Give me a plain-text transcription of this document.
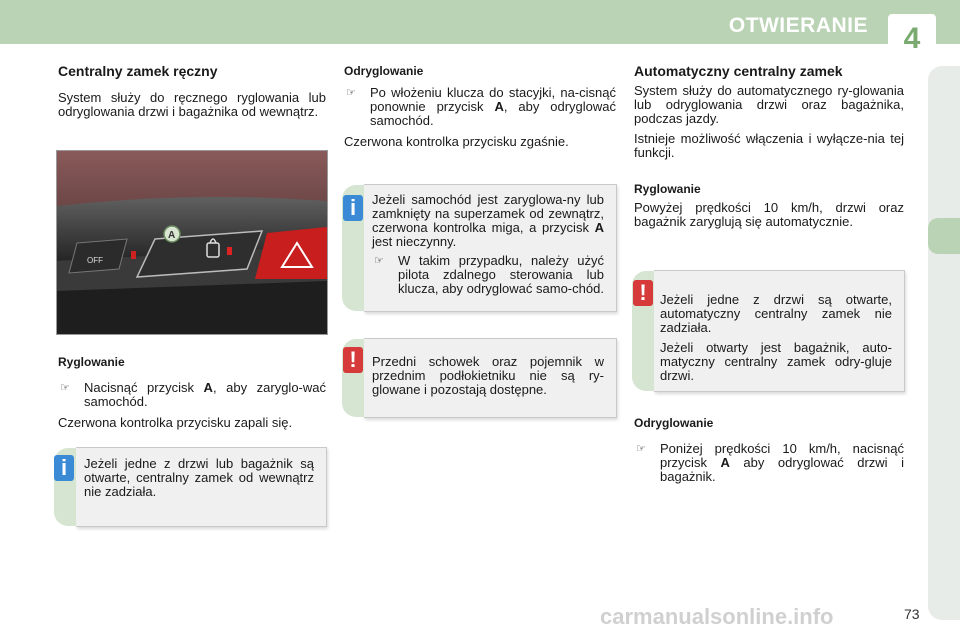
OTWIERANIE	4
Centralny zamek ręczny

System służy do ręcznego ryglowania lub odryglowania drzwi i bagażnika od wewnątrz.

OFF
A
Ryglowanie
☞ Nacisnąć przycisk A, aby zaryglo-wać samochód.

Czerwona kontrolka przycisku zapali się.

Jeżeli jedne z drzwi lub bagażnik są otwarte, centralny zamek od wewnątrz nie zadziała.

i
Odryglowanie
☞ Po włożeniu klucza do stacyjki, na-cisnąć ponownie przycisk A, aby odryglować samochód.

Czerwona kontrolka przycisku zgaśnie.

Jeżeli samochód jest zaryglowa-ny lub zamknięty na superzamek od zewnątrz, czerwona kontrolka miga, a przycisk A jest nieczynny.

☞ W takim przypadku, należy użyć pilota zdalnego sterowania lub klucza, aby odryglować samo-chód.
i

Przedni schowek oraz pojemnik w przednim podłokietniku nie są ry-glowane i pozostają dostępne.

!
Automatyczny centralny zamek

System służy do automatycznego ry-glowania lub odryglowania drzwi oraz bagażnika, podczas jazdy.

Istnieje możliwość włączenia i wyłącze-nia tej funkcji.

Ryglowanie

Powyżej prędkości 10 km/h, drzwi oraz bagażnik zaryglują się automatycznie.

Jeżeli jedne z drzwi są otwarte, automatyczny centralny zamek nie zadziała.

Jeżeli otwarty jest bagażnik, auto-matyczny centralny zamek odry-gluje drzwi.

!
Odryglowanie
☞ Poniżej prędkości 10 km/h, nacisnąć przycisk A aby odryglować drzwi i bagażnik.
carmanualsonline.info	73
